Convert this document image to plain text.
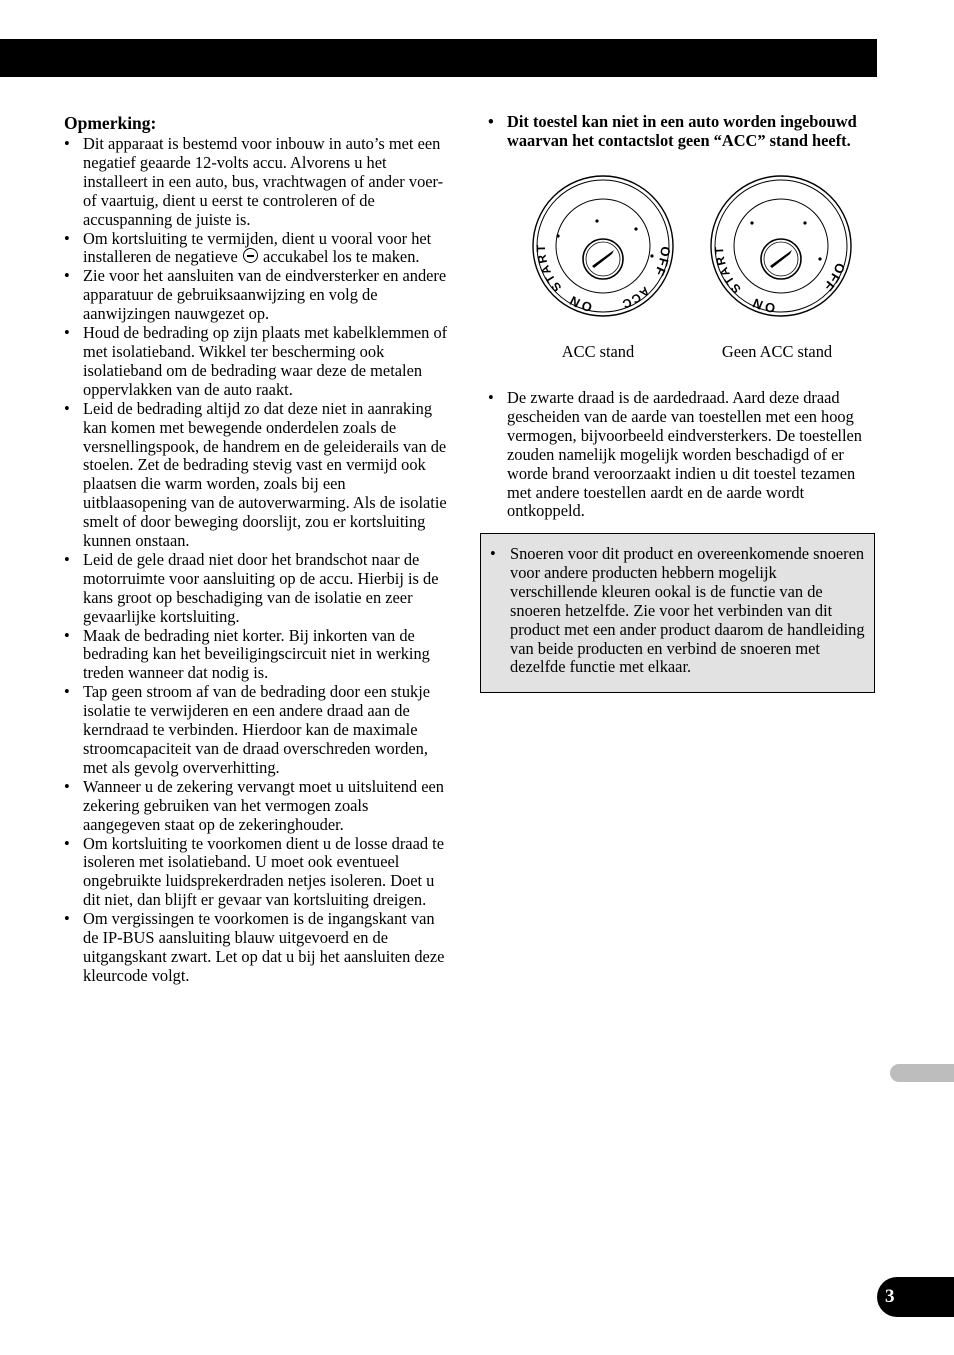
Opmerking:
• Dit apparaat is bestemd voor inbouw in auto’s met een negatief geaarde 12-volts accu. Alvorens u het installeert in een auto, bus, vrachtwagen of ander voer- of vaartuig, dient u eerst te controleren of de accuspanning de juiste is.
• Om kortsluiting te vermijden, dient u vooral voor het installeren de negatieve accukabel los te maken.
• Zie voor het aansluiten van de eindversterker en andere apparatuur de gebruiksaanwijzing en volg de aanwijzingen nauwgezet op.
• Houd de bedrading op zijn plaats met kabelklemmen of met isolatieband. Wikkel ter bescherming ook isolatieband om de bedrading waar deze de metalen oppervlakken van de auto raakt.
• Leid de bedrading altijd zo dat deze niet in aanraking kan komen met bewegende onderdelen zoals de versnellingspook, de handrem en de geleiderails van de stoelen. Zet de bedrading stevig vast en vermijd ook plaatsen die warm worden, zoals bij een uitblaasopening van de autoverwarming. Als de isolatie smelt of door beweging doorslijt, zou er kortsluiting kunnen onstaan.
• Leid de gele draad niet door het brandschot naar de motorruimte voor aansluiting op de accu. Hierbij is de kans groot op beschadiging van de isolatie en zeer gevaarlijke kortsluiting.
• Maak de bedrading niet korter. Bij inkorten van de bedrading kan het beveiligingscircuit niet in werking treden wanneer dat nodig is.
• Tap geen stroom af van de bedrading door een stukje isolatie te verwijderen en een andere draad aan de kerndraad te verbinden. Hierdoor kan de maximale stroomcapaciteit van de draad overschreden worden, met als gevolg oververhitting.
• Wanneer u de zekering vervangt moet u uitsluitend een zekering gebruiken van het vermogen zoals aangegeven staat op de zekeringhouder.
• Om kortsluiting te voorkomen dient u de losse draad te isoleren met isolatieband. U moet ook eventueel ongebruikte luidsprekerdraden netjes isoleren. Doet u dit niet, dan blijft er gevaar van kortsluiting dreigen.
• Om vergissingen te voorkomen is de ingangskant van de IP-BUS aansluiting blauw uitgevoerd en de uitgangskant zwart. Let op dat u bij het aansluiten deze kleurcode volgt.
• Dit toestel kan niet in een auto worden ingebouwd waarvan het contactslot geen “ACC” stand heeft.
OFF
ACC
ON
START
OFF
ON
START
ACC stand	Geen ACC stand
• De zwarte draad is de aardedraad. Aard deze draad gescheiden van de aarde van toestellen met een hoog vermogen, bijvoorbeeld eindversterkers. De toestellen zouden namelijk mogelijk worden beschadigd of er worde brand veroorzaakt indien u dit toestel tezamen met andere toestellen aardt en de aarde wordt ontkoppeld.
• Snoeren voor dit product en overeenkomende snoeren voor andere producten hebbern mogelijk verschillende kleuren ookal is de functie van de snoeren hetzelfde. Zie voor het verbinden van dit product met een ander product daarom de handleiding van beide producten en verbind de snoeren met dezelfde functie met elkaar.
3
